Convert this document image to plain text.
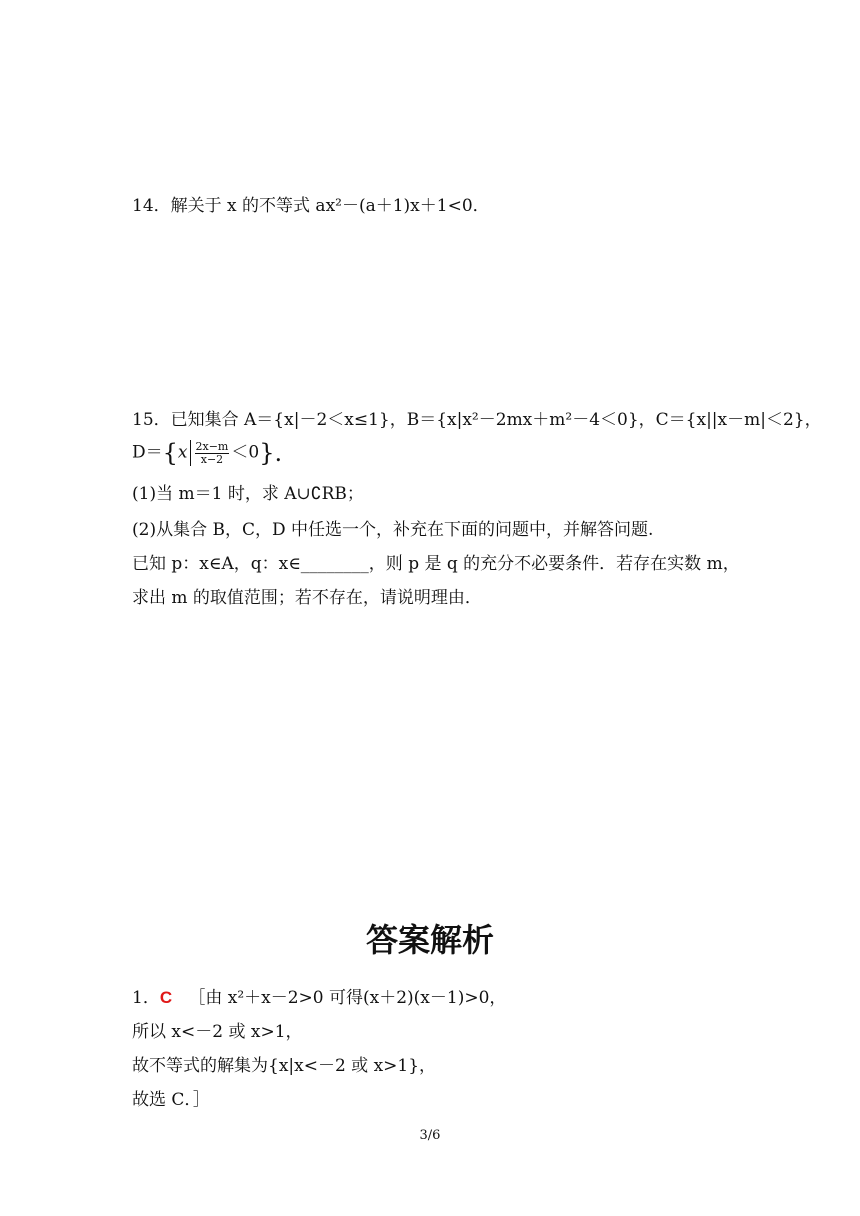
14．解关于 x 的不等式 ax²－(a＋1)x＋1<0．
15．已知集合 A＝{x|－2＜x≤1}，B＝{x|x²－2mx＋m²－4＜0}，C＝{x||x－m|＜2}，
$D=\{x \frac{2x-m}{x-2} <0\}$.
(1)当 m＝1 时，求 A∪∁RB；
(2)从集合 B，C，D 中任选一个，补充在下面的问题中，并解答问题.
已知 p：x∈A，q：x∈________，则 p 是 q 的充分不必要条件．若存在实数 m，
求出 m 的取值范围；若不存在，请说明理由．
答案解析
1．C ［由 x²＋x－2>0 可得(x＋2)(x－1)>0，
所以 x<－2 或 x>1，
故不等式的解集为{x|x<－2 或 x>1}，
故选 C．］
3/6
